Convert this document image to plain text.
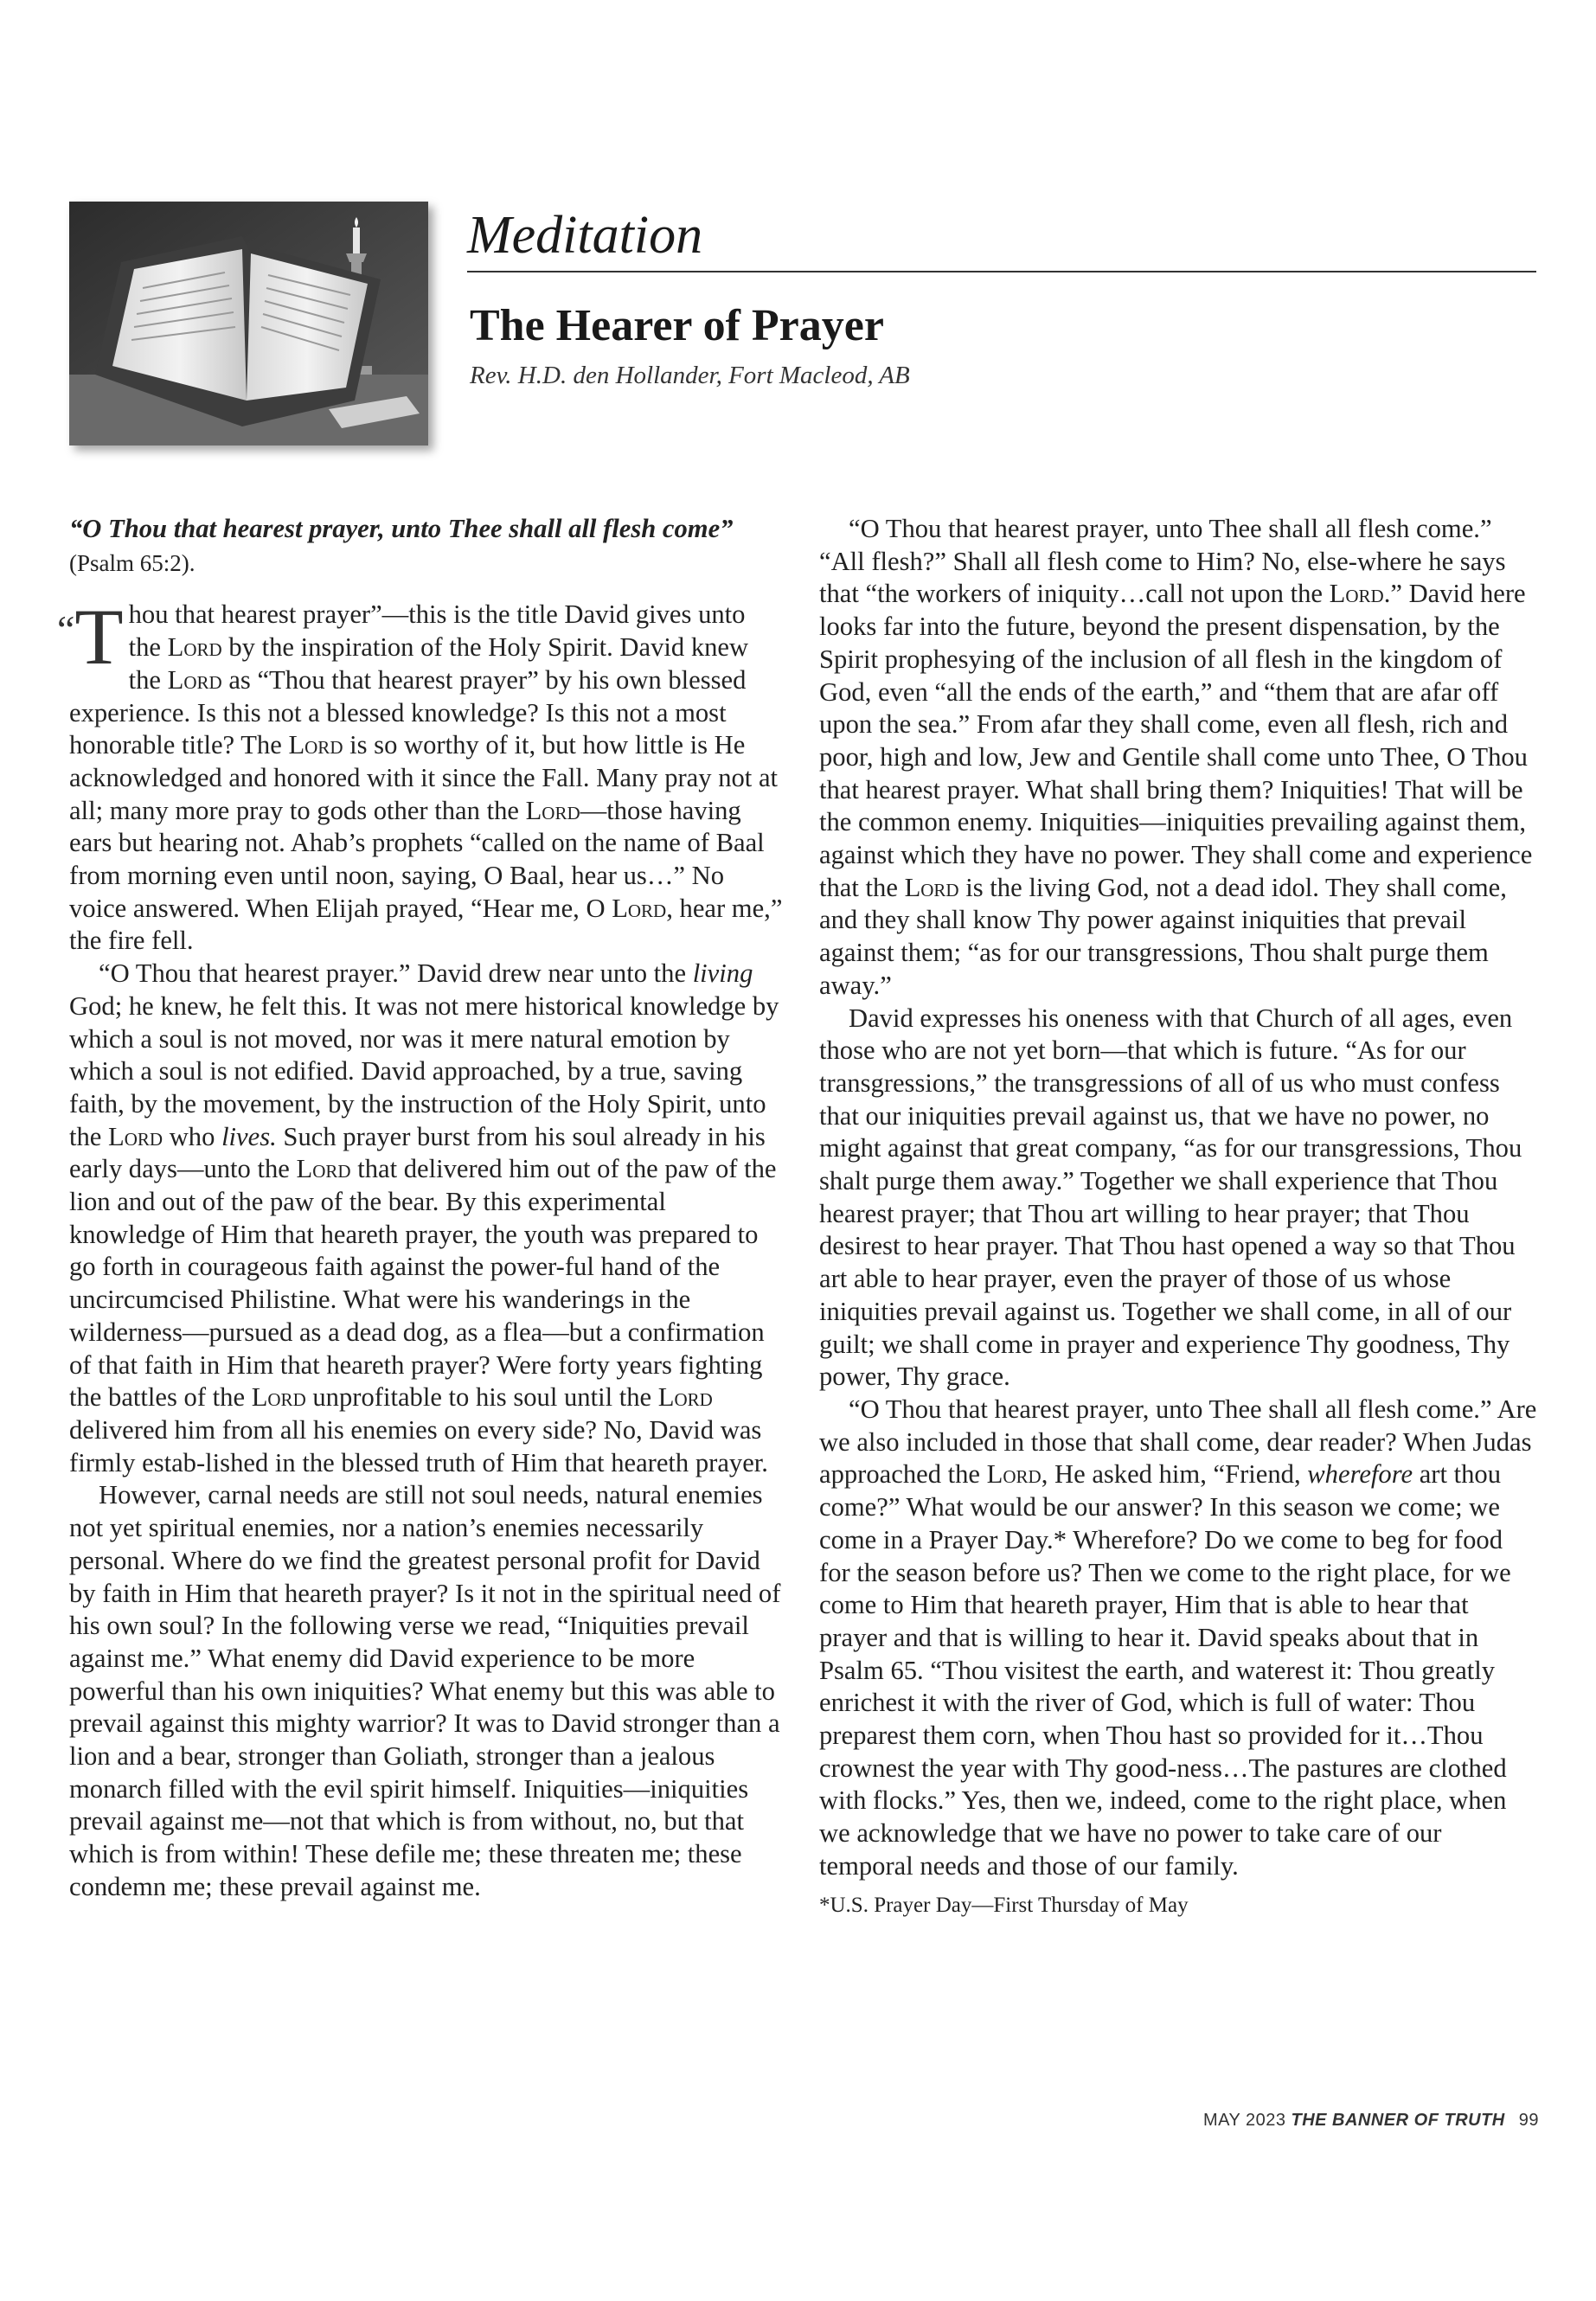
Meditation
The Hearer of Prayer
Rev. H.D. den Hollander, Fort Macleod, AB

“O Thou that hearest prayer, unto Thee shall all flesh come” (Psalm 65:2).

“T hou that hearest prayer”—this is the title David gives unto the Lord by the inspiration of the Holy Spirit. David knew the Lord as “Thou that hearest prayer” by his own blessed experience. Is this not a blessed knowledge? Is this not a most honorable title? The Lord is so worthy of it, but how little is He acknowledged and honored with it since the Fall. Many pray not at all; many more pray to gods other than the Lord—those having ears but hearing not. Ahab’s prophets “called on the name of Baal from morning even until noon, saying, O Baal, hear us…” No voice answered. When Elijah prayed, “Hear me, O Lord, hear me,” the fire fell.

“O Thou that hearest prayer.” David drew near unto the living God; he knew, he felt this. It was not mere historical knowledge by which a soul is not moved, nor was it mere natural emotion by which a soul is not edified. David approached, by a true, saving faith, by the movement, by the instruction of the Holy Spirit, unto the Lord who lives. Such prayer burst from his soul already in his early days—unto the Lord that delivered him out of the paw of the lion and out of the paw of the bear. By this experimental knowledge of Him that heareth prayer, the youth was prepared to go forth in courageous faith against the power-ful hand of the uncircumcised Philistine. What were his wanderings in the wilderness—pursued as a dead dog, as a flea—but a confirmation of that faith in Him that heareth prayer? Were forty years fighting the battles of the Lord unprofitable to his soul until the Lord delivered him from all his enemies on every side? No, David was firmly estab-lished in the blessed truth of Him that heareth prayer.

However, carnal needs are still not soul needs, natural enemies not yet spiritual enemies, nor a nation’s enemies necessarily personal. Where do we find the greatest personal profit for David by faith in Him that heareth prayer? Is it not in the spiritual need of his own soul? In the following verse we read, “Iniquities prevail against me.” What enemy did David experience to be more powerful than his own iniquities? What enemy but this was able to prevail against this mighty warrior? It was to David stronger than a lion and a bear, stronger than Goliath, stronger than a jealous monarch filled with the evil spirit himself. Iniquities—iniquities prevail against me—not that which is from without, no, but that which is from within! These defile me; these threaten me; these condemn me; these prevail against me.

“O Thou that hearest prayer, unto Thee shall all flesh come.” “All flesh?” Shall all flesh come to Him? No, else-where he says that “the workers of iniquity…call not upon the Lord.” David here looks far into the future, beyond the present dispensation, by the Spirit prophesying of the inclusion of all flesh in the kingdom of God, even “all the ends of the earth,” and “them that are afar off upon the sea.” From afar they shall come, even all flesh, rich and poor, high and low, Jew and Gentile shall come unto Thee, O Thou that hearest prayer. What shall bring them? Iniquities! That will be the common enemy. Iniquities—iniquities prevailing against them, against which they have no power. They shall come and experience that the Lord is the living God, not a dead idol. They shall come, and they shall know Thy power against iniquities that prevail against them; “as for our transgressions, Thou shalt purge them away.”

David expresses his oneness with that Church of all ages, even those who are not yet born—that which is future. “As for our transgressions,” the transgressions of all of us who must confess that our iniquities prevail against us, that we have no power, no might against that great company, “as for our transgressions, Thou shalt purge them away.” Together we shall experience that Thou hearest prayer; that Thou art willing to hear prayer; that Thou desirest to hear prayer. That Thou hast opened a way so that Thou art able to hear prayer, even the prayer of those of us whose iniquities prevail against us. Together we shall come, in all of our guilt; we shall come in prayer and experience Thy goodness, Thy power, Thy grace.

“O Thou that hearest prayer, unto Thee shall all flesh come.” Are we also included in those that shall come, dear reader? When Judas approached the Lord, He asked him, “Friend, wherefore art thou come?” What would be our answer? In this season we come; we come in a Prayer Day.* Wherefore? Do we come to beg for food for the season before us? Then we come to the right place, for we come to Him that heareth prayer, Him that is able to hear that prayer and that is willing to hear it. David speaks about that in Psalm 65. “Thou visitest the earth, and waterest it: Thou greatly enrichest it with the river of God, which is full of water: Thou preparest them corn, when Thou hast so provided for it…Thou crownest the year with Thy good-ness…The pastures are clothed with flocks.” Yes, then we, indeed, come to the right place, when we acknowledge that we have no power to take care of our temporal needs and those of our family.

*U.S. Prayer Day—First Thursday of May

MAY 2023 THE BANNER OF TRUTH 99
